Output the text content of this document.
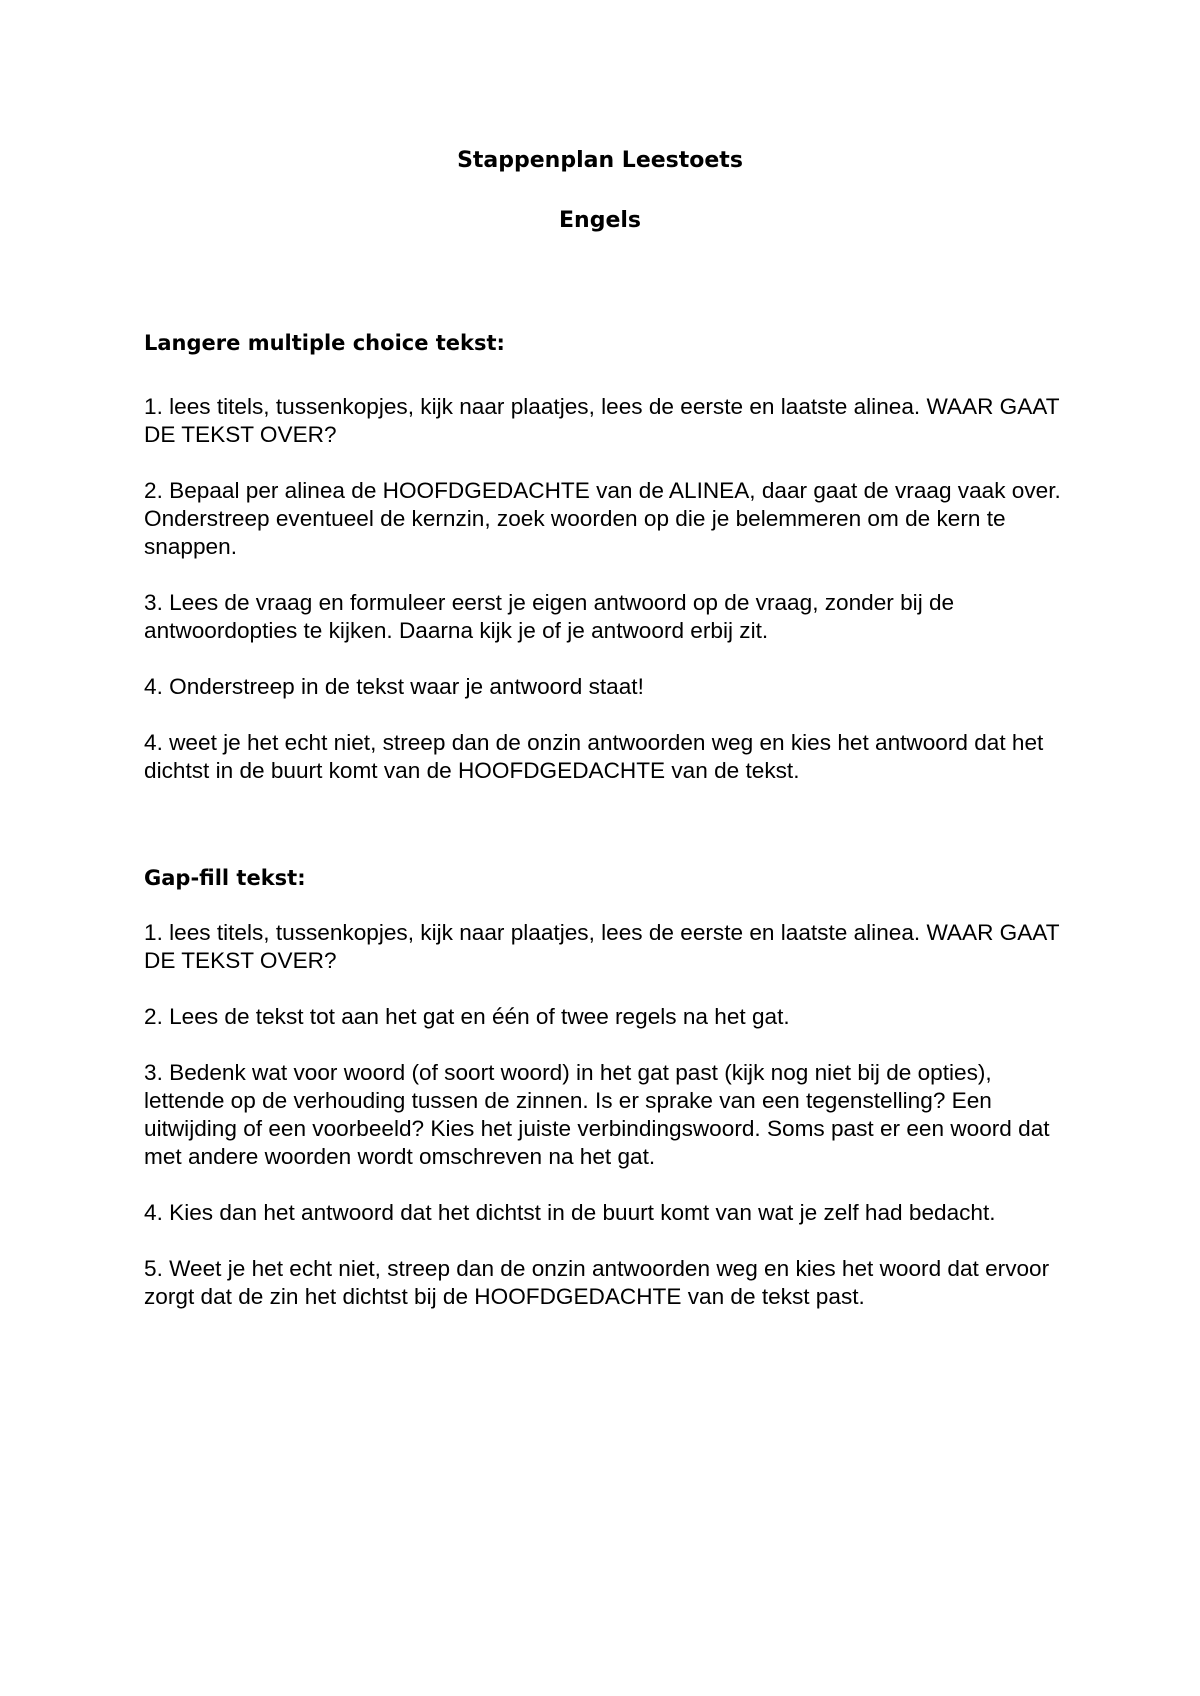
Stappenplan Leestoets
Engels
Langere multiple choice tekst:

1. lees titels, tussenkopjes, kijk naar plaatjes, lees de eerste en laatste alinea. WAAR GAAT DE TEKST OVER?

2. Bepaal per alinea de HOOFDGEDACHTE van de ALINEA, daar gaat de vraag vaak over. Onderstreep eventueel de kernzin, zoek woorden op die je belemmeren om de kern te snappen.

3. Lees de vraag en formuleer eerst je eigen antwoord op de vraag, zonder bij de antwoordopties te kijken. Daarna kijk je of je antwoord erbij zit.

4. Onderstreep in de tekst waar je antwoord staat!

4. weet je het echt niet, streep dan de onzin antwoorden weg en kies het antwoord dat het dichtst in de buurt komt van de HOOFDGEDACHTE van de tekst.

Gap-fill tekst:

1. lees titels, tussenkopjes, kijk naar plaatjes, lees de eerste en laatste alinea. WAAR GAAT DE TEKST OVER?

2. Lees de tekst tot aan het gat en één of twee regels na het gat.

3. Bedenk wat voor woord (of soort woord) in het gat past (kijk nog niet bij de opties), lettende op de verhouding tussen de zinnen. Is er sprake van een tegenstelling? Een uitwijding of een voorbeeld? Kies het juiste verbindingswoord. Soms past er een woord dat met andere woorden wordt omschreven na het gat.

4. Kies dan het antwoord dat het dichtst in de buurt komt van wat je zelf had bedacht.

5. Weet je het echt niet, streep dan de onzin antwoorden weg en kies het woord dat ervoor zorgt dat de zin het dichtst bij de HOOFDGEDACHTE van de tekst past.
